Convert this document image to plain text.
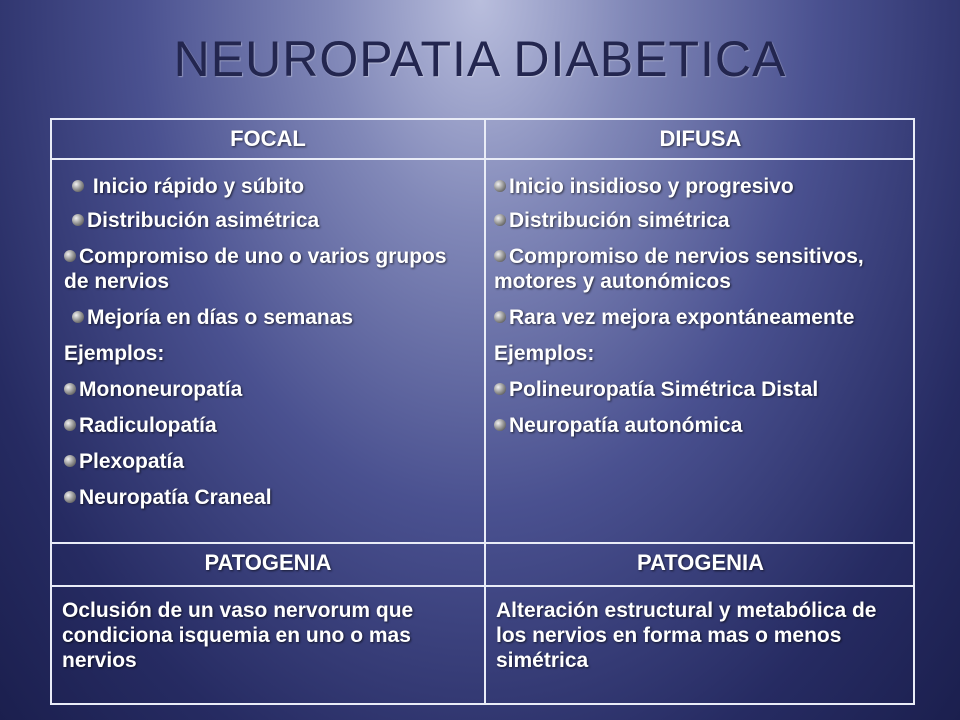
NEUROPATIA DIABETICA
FOCAL	DIFUSA
Inicio rápido y súbito
Distribución asimétrica
Compromiso de uno o varios grupos de nervios
Mejoría en días o semanas
Ejemplos:
Mononeuropatía
Radiculopatía
Plexopatía
Neuropatía Craneal
Inicio insidioso y progresivo
Distribución simétrica
Compromiso de nervios sensitivos, motores y autonómicos
Rara vez mejora expontáneamente
Ejemplos:
Polineuropatía Simétrica Distal
Neuropatía autonómica
PATOGENIA	PATOGENIA
Oclusión de un vaso nervorum que condiciona isquemia en uno o mas nervios
Alteración estructural y metabólica de los nervios en forma mas o menos simétrica
